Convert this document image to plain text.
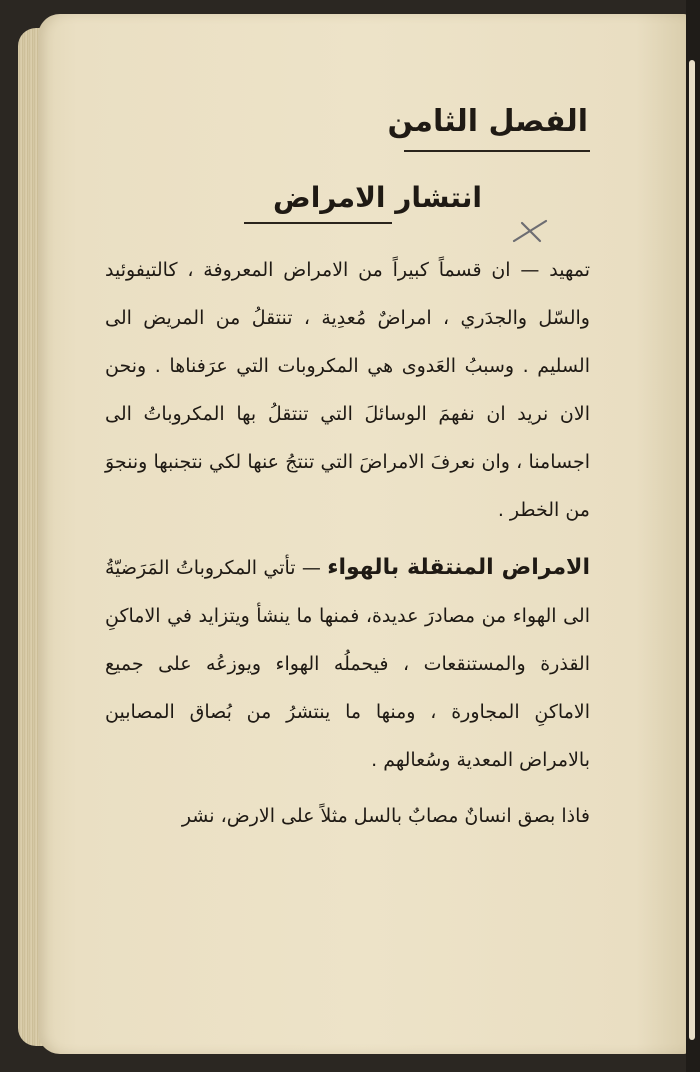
الفصل الثامن
انتشار الامراض

تمهيد — ان قسماً كبيراً من الامراض المعروفة ، كالتيفوئيد والسّل والجدَري ، امراضٌ مُعدِية ، تنتقلُ من المريض الى السليم . وسببُ العَدوى هي المكروبات التي عرَفناها . ونحن الان نريد ان نفهمَ الوسائلَ التي تنتقلُ بها المكروباتُ الى اجسامنا ، وان نعرفَ الامراضَ التي تنتجُ عنها لكي نتجنبها وننجوَ من الخطر .

الامراض المنتقلة بالهواء — تأتي المكروباتُ المَرَضيّةُ الى الهواء من مصادرَ عديدة، فمنها ما ينشأ ويتزايد في الاماكنِ القذرة والمستنقعات ، فيحملُه الهواء ويوزعُه على جميع الاماكنِ المجاورة ، ومنها ما ينتشرُ من بُصاق المصابين بالامراض المعدية وسُعالهم .

فاذا بصق انسانٌ مصابٌ بالسل مثلاً على الارض، نشر
